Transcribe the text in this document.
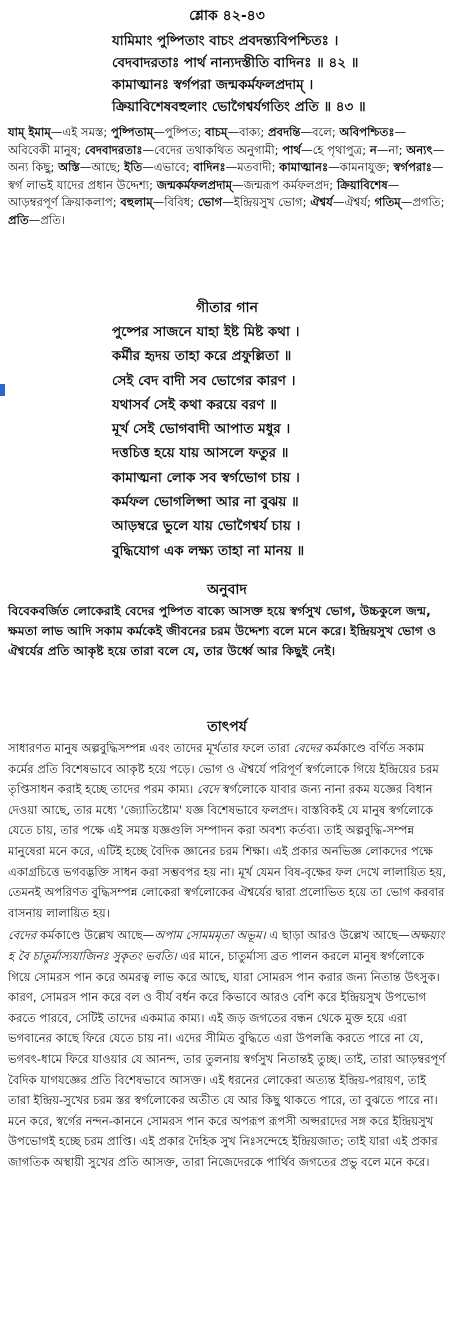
শ্লোক ৪২-৪৩
যামিমাং পুষ্পিতাং বাচং প্রবদন্ত্যবিপশ্চিতঃ ।
বেদবাদরতাঃ পার্থ নান্যদস্তীতি বাদিনঃ ॥ ৪২ ॥
কামাত্মানঃ স্বর্গপরা জন্মকর্মফলপ্রদাম্ ।
ক্রিয়াবিশেষবহুলাং ভোগৈশ্বর্যগতিং প্রতি ॥ ৪৩ ॥
যাম্ ইমাম্—এই সমস্ত; পুষ্পিতাম্—পুষ্পিত; বাচম্—বাক্য; প্রবদন্তি—বলে; অবিপশ্চিতঃ—অবিবেকী মানুষ; বেদবাদরতাঃ—বেদের তথাকথিত অনুগামী; পার্থ—হে পৃথাপুত্র; ন—না; অন্যৎ—অন্য কিছু; অস্তি—আছে; ইতি—এভাবে; বাদিনঃ—মতবাদী; কামাত্মানঃ—কামনাযুক্ত; স্বর্গপরাঃ—স্বর্গ লাভই যাদের প্রধান উদ্দেশ্য; জন্মকর্মফলপ্রদাম্—জন্মরূপ কর্মফলপ্রদ; ক্রিয়াবিশেষ—আড়ম্বরপূর্ণ ক্রিয়াকলাপ; বহুলাম্—বিবিধ; ভোগ—ইন্দ্রিয়সুখ ভোগ; ঐশ্বর্য—ঐশ্বর্য; গতিম্—প্রগতি; প্রতি—প্রতি।
গীতার গান
পুষ্পের সাজনে যাহা ইষ্ট মিষ্ট কথা ।
কর্মীর হৃদয় তাহা করে প্রফুল্লিতা ॥
সেই বেদ বাদী সব ভোগের কারণ ।
যথাসর্ব সেই কথা করয়ে বরণ ॥
মূর্খ সেই ভোগবাদী আপাত মধুর ।
দত্তচিত্ত হয়ে যায় আসলে ফতুর ॥
কামাত্মনা লোক সব স্বর্গভোগ চায় ।
কর্মফল ভোগলিপ্সা আর না বুঝয় ॥
আড়ম্বরে ভুলে যায় ভোগৈশ্বর্য চায় ।
বুদ্ধিযোগ এক লক্ষ্য তাহা না মানয় ॥
অনুবাদ
বিবেকবর্জিত লোকেরাই বেদের পুষ্পিত বাক্যে আসক্ত হয়ে স্বর্গসুখ ভোগ, উচ্চকুলে জন্ম, ক্ষমতা লাভ আদি সকাম কর্মকেই জীবনের চরম উদ্দেশ্য বলে মনে করে। ইন্দ্রিয়সুখ ভোগ ও ঐশ্বর্যের প্রতি আকৃষ্ট হয়ে তারা বলে যে, তার উর্ধ্বে আর কিছুই নেই।
তাৎপর্য

সাধারণত মানুষ অল্পবুদ্ধিসম্পন্ন এবং তাদের মূর্খতার ফলে তারা বেদের কর্মকাণ্ডে বর্ণিত সকাম কর্মের প্রতি বিশেষভাবে আকৃষ্ট হয়ে পড়ে। ভোগ ও ঐশ্বর্যে পরিপূর্ণ স্বর্গলোকে গিয়ে ইন্দ্রিয়ের চরম তৃপ্তিসাধন করাই হচ্ছে তাদের পরম কাম্য। বেদে স্বর্গলোকে যাবার জন্য নানা রকম যজ্ঞের বিধান দেওয়া আছে, তার মধ্যে 'জ্যোতিষ্টোম' যজ্ঞ বিশেষভাবে ফলপ্রদ। বাস্তবিকই যে মানুষ স্বর্গলোকে যেতে চায়, তার পক্ষে এই সমস্ত যজ্ঞগুলি সম্পাদন করা অবশ্য কর্তব্য। তাই অল্পবুদ্ধি-সম্পন্ন মানুষেরা মনে করে, এটিই হচ্ছে বৈদিক জ্ঞানের চরম শিক্ষা। এই প্রকার অনভিজ্ঞ লোকদের পক্ষে একাগ্রচিত্তে ভগবদ্ভক্তি সাধন করা সম্ভবপর হয় না। মূর্খ যেমন বিষ-বৃক্ষের ফল দেখে লালায়িত হয়, তেমনই অপরিণত বুদ্ধিসম্পন্ন লোকেরা স্বর্গলোকের ঐশ্বর্যের দ্বারা প্রলোভিত হয়ে তা ভোগ করবার বাসনায় লালায়িত হয়।

বেদের কর্মকাণ্ডে উল্লেখ আছে—অপাম সোমমমৃতা অভূম। এ ছাড়া আরও উল্লেখ আছে—অক্ষয়্যং হ বৈ চাতুর্মাস্যযাজিনঃ সুকৃতং ভবতি। এর মানে, চাতুর্মাস্য ব্রত পালন করলে মানুষ স্বর্গলোকে গিয়ে সোমরস পান করে অমরত্ব লাভ করে আছে, যারা সোমরস পান করার জন্য নিতান্ত উৎসুক। কারণ, সোমরস পান করে বল ও বীর্য বর্ধন করে কিভাবে আরও বেশি করে ইন্দ্রিয়সুখ উপভোগ করতে পারবে, সেটিই তাদের একমাত্র কাম্য। এই জড় জগতের বন্ধন থেকে মুক্ত হয়ে এরা ভগবানের কাছে ফিরে যেতে চায় না। এদের সীমিত বুদ্ধিতে এরা উপলব্ধি করতে পারে না যে, ভগবৎ-ধামে ফিরে যাওয়ার যে আনন্দ, তার তুলনায় স্বর্গসুখ নিতান্তই তুচ্ছ। তাই, তারা আড়ম্বরপূর্ণ বৈদিক যাগযজ্ঞের প্রতি বিশেষভাবে আসক্ত। এই ধরনের লোকেরা অত্যন্ত ইন্দ্রিয়-পরায়ণ, তাই তারা ইন্দ্রিয়-সুখের চরম স্তর স্বর্গলোকের অতীত যে আর কিছু থাকতে পারে, তা বুঝতে পারে না। মনে করে, স্বর্গের নন্দন-কাননে সোমরস পান করে অপরূপ রূপসী অপ্সরাদের সঙ্গ করে ইন্দ্রিয়সুখ উপভোগই হচ্ছে চরম প্রাপ্তি। এই প্রকার দৈহিক সুখ নিঃসন্দেহে ইন্দ্রিয়জাত; তাই যারা এই প্রকার জাগতিক অস্থায়ী সুখের প্রতি আসক্ত, তারা নিজেদেরকে পার্থিব জগতের প্রভু বলে মনে করে।
